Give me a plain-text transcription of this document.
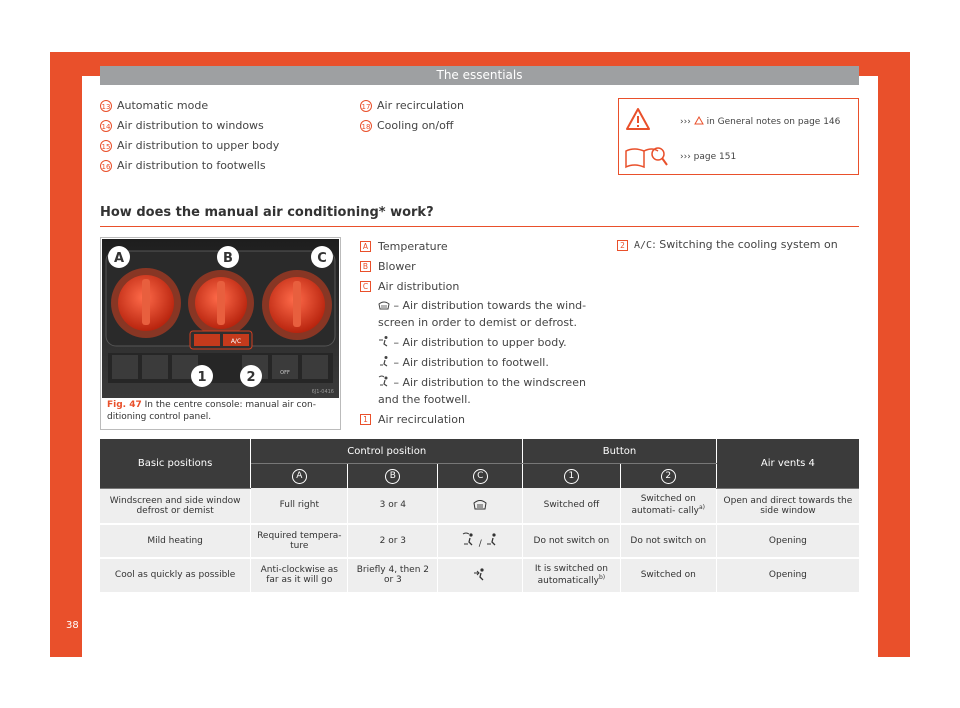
The essentials
13 Automatic mode
14 Air distribution to windows
15 Air distribution to upper body
16 Air distribution to footwells
17 Air recirculation
18 Cooling on/off	››› in General notes on page 146
››› page 151
How does the manual air conditioning* work?
A/C
OFF
A	B	C
1	2
6J1-0416
Fig. 47 In the centre console: manual air con- ditioning control panel.
A Temperature
B Blower
C Air distribution
– Air distribution towards the wind- screen in order to demist or defrost.
– Air distribution to upper body.
– Air distribution to footwell.
– Air distribution to the windscreen and the footwell.
1 Air recirculation
2 A/C: Switching the cooling system on
Basic positions	Control position			Button		Air vents 4
	A	B	C	1	2	
Windscreen and side window defrost or demist	Full right	3 or 4		Switched off	Switched on automati- cally$^{a)}$	Open and direct towards the side window
Mild heating	Required tempera- ture	2 or 3	/	Do not switch on	Do not switch on	Opening
Cool as quickly as possible	Anti-clockwise as far as it will go	Briefly 4, then 2 or 3		It is switched on automatically$^{b)}$	Switched on	Opening
38
